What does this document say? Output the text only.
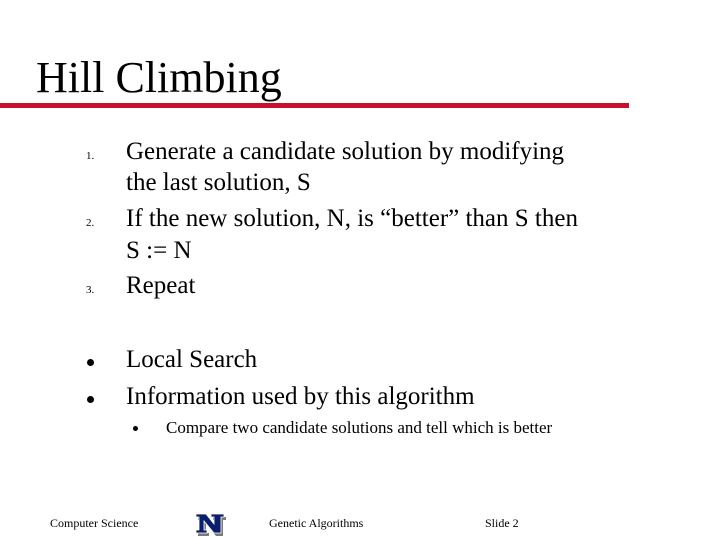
Hill Climbing
1. Generate a candidate solution by modifying
the last solution, S
2. If the new solution, N, is “better” than S then
S := N
3. Repeat
Local Search
Information used by this algorithm
Compare two candidate solutions and tell which is better
Computer Science	Genetic Algorithms	Slide 2
